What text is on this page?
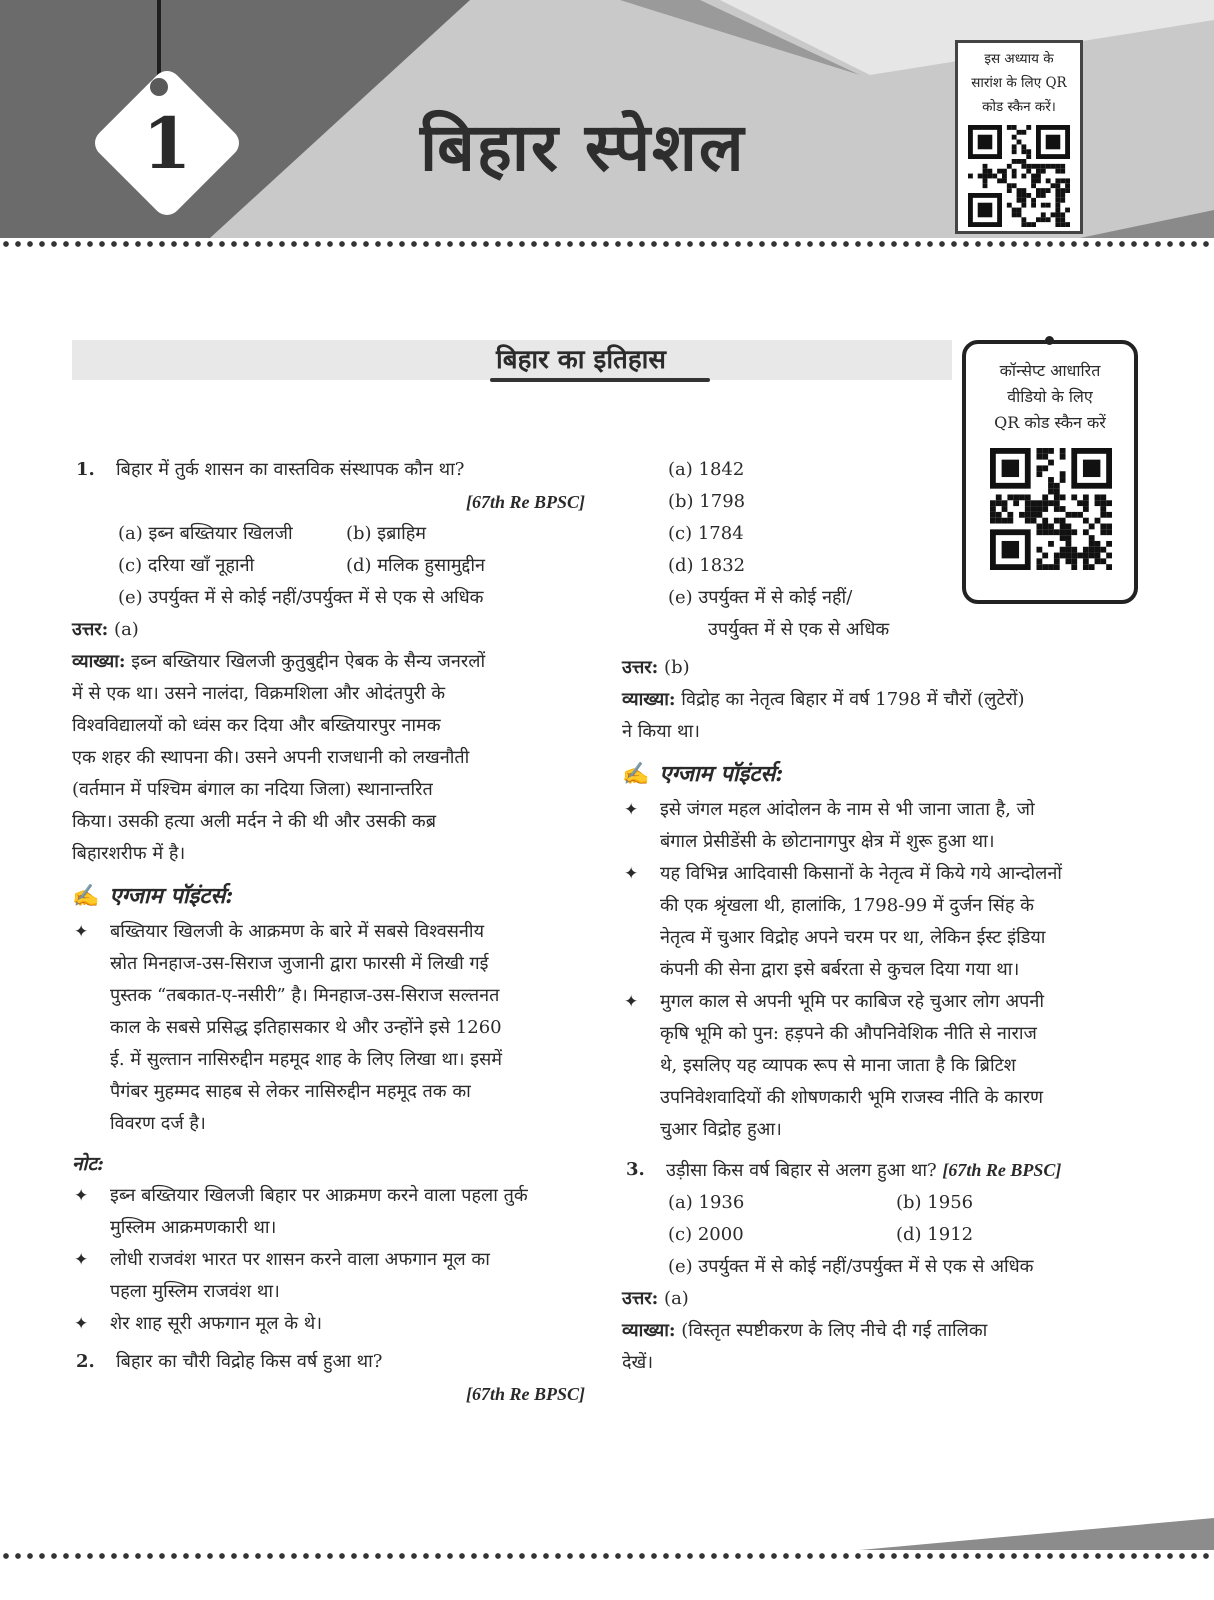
1	बिहार स्पेशल
इस अध्याय के
सारांश के लिए QR
कोड स्कैन करें।
बिहार का इतिहास	कॉन्सेप्ट आधारित
वीडियो के लिए
QR कोड स्कैन करें
1. बिहार में तुर्क शासन का वास्तविक संस्थापक कौन था?
[67th Re BPSC]
(a) इब्न बख्तियार खिलजी	(b) इब्राहिम
(c) दरिया खाँ नूहानी	(d) मलिक हुसामुद्दीन
(e) उपर्युक्त में से कोई नहीं/उपर्युक्त में से एक से अधिक
उत्तर: (a)
व्याख्या: इब्न बख्तियार खिलजी कुतुबुद्दीन ऐबक के सैन्य जनरलों
में से एक था। उसने नालंदा, विक्रमशिला और ओदंतपुरी के
विश्वविद्यालयों को ध्वंस कर दिया और बख्तियारपुर नामक
एक शहर की स्थापना की। उसने अपनी राजधानी को लखनौती
(वर्तमान में पश्चिम बंगाल का नदिया जिला) स्थानान्तरित
किया। उसकी हत्या अली मर्दन ने की थी और उसकी कब्र
बिहारशरीफ में है।
✍ एग्जाम पॉइंटर्स:
✦ बख्तियार खिलजी के आक्रमण के बारे में सबसे विश्वसनीय
स्रोत मिनहाज-उस-सिराज जुजानी द्वारा फारसी में लिखी गई
पुस्तक “तबकात-ए-नसीरी” है। मिनहाज-उस-सिराज सल्तनत
काल के सबसे प्रसिद्ध इतिहासकार थे और उन्होंने इसे 1260
ई. में सुल्तान नासिरुद्दीन महमूद शाह के लिए लिखा था। इसमें
पैगंबर मुहम्मद साहब से लेकर नासिरुद्दीन महमूद तक का
विवरण दर्ज है।
नोट:
✦ इब्न बख्तियार खिलजी बिहार पर आक्रमण करने वाला पहला तुर्क
मुस्लिम आक्रमणकारी था।
✦ लोधी राजवंश भारत पर शासन करने वाला अफगान मूल का
पहला मुस्लिम राजवंश था।
✦ शेर शाह सूरी अफगान मूल के थे।
2. बिहार का चौरी विद्रोह किस वर्ष हुआ था?
[67th Re BPSC]
(a) 1842
(b) 1798
(c) 1784
(d) 1832
(e) उपर्युक्त में से कोई नहीं/
उपर्युक्त में से एक से अधिक
उत्तर: (b)
व्याख्या: विद्रोह का नेतृत्व बिहार में वर्ष 1798 में चौरों (लुटेरों)
ने किया था।
✍ एग्जाम पॉइंटर्स:
✦ इसे जंगल महल आंदोलन के नाम से भी जाना जाता है, जो
बंगाल प्रेसीडेंसी के छोटानागपुर क्षेत्र में शुरू हुआ था।
✦ यह विभिन्न आदिवासी किसानों के नेतृत्व में किये गये आन्दोलनों
की एक श्रृंखला थी, हालांकि, 1798-99 में दुर्जन सिंह के
नेतृत्व में चुआर विद्रोह अपने चरम पर था, लेकिन ईस्ट इंडिया
कंपनी की सेना द्वारा इसे बर्बरता से कुचल दिया गया था।
✦ मुगल काल से अपनी भूमि पर काबिज रहे चुआर लोग अपनी
कृषि भूमि को पुन: हड़पने की औपनिवेशिक नीति से नाराज
थे, इसलिए यह व्यापक रूप से माना जाता है कि ब्रिटिश
उपनिवेशवादियों की शोषणकारी भूमि राजस्व नीति के कारण
चुआर विद्रोह हुआ।
3. उड़ीसा किस वर्ष बिहार से अलग हुआ था? [67th Re BPSC]
(a) 1936	(b) 1956
(c) 2000	(d) 1912
(e) उपर्युक्त में से कोई नहीं/उपर्युक्त में से एक से अधिक
उत्तर: (a)
व्याख्या: (विस्तृत स्पष्टीकरण के लिए नीचे दी गई तालिका
देखें।
